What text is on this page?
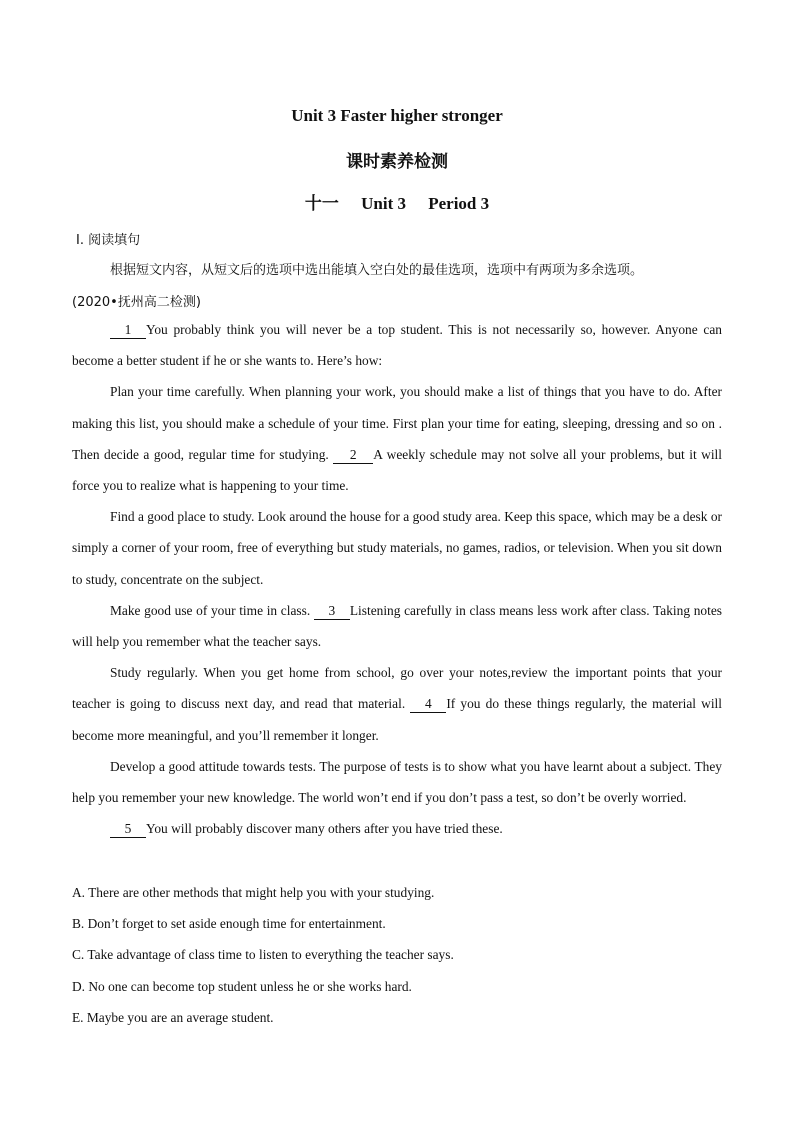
Unit 3 Faster higher stronger
课时素养检测
十一 Unit 3 Period 3
Ⅰ. 阅读填句
根据短文内容，从短文后的选项中选出能填入空白处的最佳选项，选项中有两项为多余选项。
(2020•抚州高二检测)

1 You probably think you will never be a top student. This is not necessarily so, however. Anyone can become a better student if he or she wants to. Here’s how:

Plan your time carefully. When planning your work, you should make a list of things that you have to do. After making this list, you should make a schedule of your time. First plan your time for eating, sleeping, dressing and so on . Then decide a good, regular time for studying. 2 A weekly schedule may not solve all your problems, but it will force you to realize what is happening to your time.

Find a good place to study. Look around the house for a good study area. Keep this space, which may be a desk or simply a corner of your room, free of everything but study materials, no games, radios, or television. When you sit down to study, concentrate on the subject.

Make good use of your time in class. 3 Listening carefully in class means less work after class. Taking notes will help you remember what the teacher says.

Study regularly. When you get home from school, go over your notes,review the important points that your teacher is going to discuss next day, and read that material. 4 If you do these things regularly, the material will become more meaningful, and you’ll remember it longer.

Develop a good attitude towards tests. The purpose of tests is to show what you have learnt about a subject. They help you remember your new knowledge. The world won’t end if you don’t pass a test, so don’t be overly worried.

5 You will probably discover many others after you have tried these.

A. There are other methods that might help you with your studying.
B. Don’t forget to set aside enough time for entertainment.
C. Take advantage of class time to listen to everything the teacher says.
D. No one can become top student unless he or she works hard.
E. Maybe you are an average student.
